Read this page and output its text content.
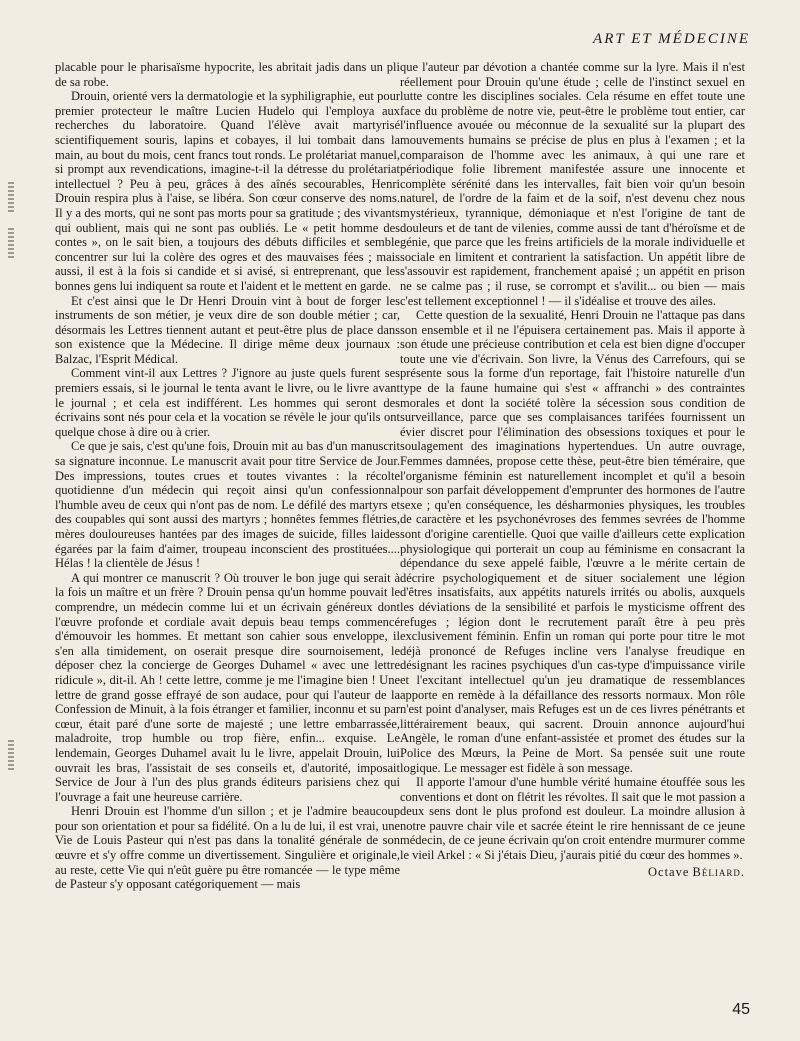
ART ET MÉDECINE

placable pour le pharisaïsme hypocrite, les abritait jadis dans un pli de sa robe.

Drouin, orienté vers la dermatologie et la syphiligraphie, eut pour premier protecteur le maître Lucien Hudelo qui l'employa aux recherches du laboratoire. Quand l'élève avait martyrisé scientifiquement souris, lapins et cobayes, il lui tombait dans la main, au bout du mois, cent francs tout ronds. Le prolétariat manuel, si prompt aux revendications, imagine-t-il la détresse du prolétariat intellectuel ? Peu à peu, grâces à des aînés secourables, Henri Drouin respira plus à l'aise, se libéra. Son cœur conserve des noms. Il y a des morts, qui ne sont pas morts pour sa gratitude ; des vivants qui oublient, mais qui ne sont pas oubliés. Le « petit homme des contes », on le sait bien, a toujours des débuts difficiles et semble concentrer sur lui la colère des ogres et des mauvaises fées ; mais aussi, il est à la fois si candide et si avisé, si entreprenant, que les bonnes gens lui indiquent sa route et l'aident et le mettent en garde.

Et c'est ainsi que le Dr Henri Drouin vint à bout de forger les instruments de son métier, je veux dire de son double métier ; car, désormais les Lettres tiennent autant et peut-être plus de place dans son existence que la Médecine. Il dirige même deux journaux : Balzac, l'Esprit Médical.

Comment vint-il aux Lettres ? J'ignore au juste quels furent ses premiers essais, si le journal le tenta avant le livre, ou le livre avant le journal ; et cela est indifférent. Les hommes qui seront des écrivains sont nés pour cela et la vocation se révèle le jour qu'ils ont quelque chose à dire ou à crier.

Ce que je sais, c'est qu'une fois, Drouin mit au bas d'un manuscrit sa signature inconnue. Le manuscrit avait pour titre Service de Jour. Des impressions, toutes crues et toutes vivantes : la récolte quotidienne d'un médecin qui reçoit ainsi qu'un confessionnal l'humble aveu de ceux qui n'ont pas de nom. Le défilé des martyrs et des coupables qui sont aussi des martyrs ; honnêtes femmes flétries, mères douloureuses hantées par des images de suicide, filles laides égarées par la faim d'aimer, troupeau inconscient des prostituées.... Hélas ! la clientèle de Jésus !

A qui montrer ce manuscrit ? Où trouver le bon juge qui serait à la fois un maître et un frère ? Drouin pensa qu'un homme pouvait le comprendre, un médecin comme lui et un écrivain généreux dont l'œuvre profonde et cordiale avait depuis beau temps commencé d'émouvoir les hommes. Et mettant son cahier sous enveloppe, il s'en alla timidement, on oserait presque dire sournoisement, le déposer chez la concierge de Georges Duhamel « avec une lettre ridicule », dit-il. Ah ! cette lettre, comme je me l'imagine bien ! Une lettre de grand gosse effrayé de son audace, pour qui l'auteur de la Confession de Minuit, à la fois étranger et familier, inconnu et su par cœur, était paré d'une sorte de majesté ; une lettre embarrassée, maladroite, trop humble ou trop fière, enfin... exquise. Le lendemain, Georges Duhamel avait lu le livre, appelait Drouin, lui ouvrait les bras, l'assistait de ses conseils et, d'autorité, imposait Service de Jour à l'un des plus grands éditeurs parisiens chez qui l'ouvrage a fait une heureuse carrière.

Henri Drouin est l'homme d'un sillon ; et je l'admire beaucoup pour son orientation et pour sa fidélité. On a lu de lui, il est vrai, une Vie de Louis Pasteur qui n'est pas dans la tonalité générale de son œuvre et s'y offre comme un divertissement. Singulière et originale, au reste, cette Vie qui n'eût guère pu être romancée — le type même de Pasteur s'y opposant catégoriquement — mais

que l'auteur par dévotion a chantée comme sur la lyre. Mais il n'est réellement pour Drouin qu'une étude ; celle de l'instinct sexuel en lutte contre les disciplines sociales. Cela résume en effet toute une face du problème de notre vie, peut-être le problème tout entier, car l'influence avouée ou méconnue de la sexualité sur la plupart des mouvements humains se précise de plus en plus à l'examen ; et la comparaison de l'homme avec les animaux, à qui une rare et périodique folie librement manifestée assure une innocente et complète sérénité dans les intervalles, fait bien voir qu'un besoin naturel, de l'ordre de la faim et de la soif, n'est devenu chez nous mystérieux, tyrannique, démoniaque et n'est l'origine de tant de douleurs et de tant de vilenies, comme aussi de tant d'héroïsme et de génie, que parce que les freins artificiels de la morale individuelle et sociale en limitent et contrarient la satisfaction. Un appétit libre de s'assouvir est rapidement, franchement apaisé ; un appétit en prison ne se calme pas ; il ruse, se corrompt et s'avilit... ou bien — mais c'est tellement exceptionnel ! — il s'idéalise et trouve des ailes.

Cette question de la sexualité, Henri Drouin ne l'attaque pas dans son ensemble et il ne l'épuisera certainement pas. Mais il apporte à son étude une précieuse contribution et cela est bien digne d'occuper toute une vie d'écrivain. Son livre, la Vénus des Carrefours, qui se présente sous la forme d'un reportage, fait l'histoire naturelle d'un type de la faune humaine qui s'est « affranchi » des contraintes morales et dont la société tolère la sécession sous condition de surveillance, parce que ses complaisances tarifées fournissent un évier discret pour l'élimination des obsessions toxiques et pour le soulagement des imaginations hypertendues. Un autre ouvrage, Femmes damnées, propose cette thèse, peut-être bien téméraire, que l'organisme féminin est naturellement incomplet et qu'il a besoin pour son parfait développement d'emprunter des hormones de l'autre sexe ; qu'en conséquence, les désharmonies physiques, les troubles de caractère et les psychonévroses des femmes sevrées de l'homme sont d'origine carentielle. Quoi que vaille d'ailleurs cette explication physiologique qui porterait un coup au féminisme en consacrant la dépendance du sexe appelé faible, l'œuvre a le mérite certain de décrire psychologiquement et de situer socialement une légion d'êtres insatisfaits, aux appétits naturels irrités ou abolis, auxquels les déviations de la sensibilité et parfois le mysticisme offrent des refuges ; légion dont le recrutement paraît être à peu près exclusivement féminin. Enfin un roman qui porte pour titre le mot déjà prononcé de Refuges incline vers l'analyse freudique en désignant les racines psychiques d'un cas-type d'impuissance virile et l'excitant intellectuel qu'un jeu dramatique de ressemblances apporte en remède à la défaillance des ressorts normaux. Mon rôle n'est point d'analyser, mais Refuges est un de ces livres pénétrants et littérairement beaux, qui sacrent. Drouin annonce aujourd'hui Angèle, le roman d'une enfant-assistée et promet des études sur la Police des Mœurs, la Peine de Mort. Sa pensée suit une route logique. Le messager est fidèle à son message.

Il apporte l'amour d'une humble vérité humaine étouffée sous les conventions et dont on flétrit les révoltes. Il sait que le mot passion a deux sens dont le plus profond est douleur. La moindre allusion à notre pauvre chair vile et sacrée éteint le rire hennissant de ce jeune médecin, de ce jeune écrivain qu'on croit entendre murmurer comme le vieil Arkel : « Si j'étais Dieu, j'aurais pitié du cœur des hommes ».

Octave Béliard.
45
